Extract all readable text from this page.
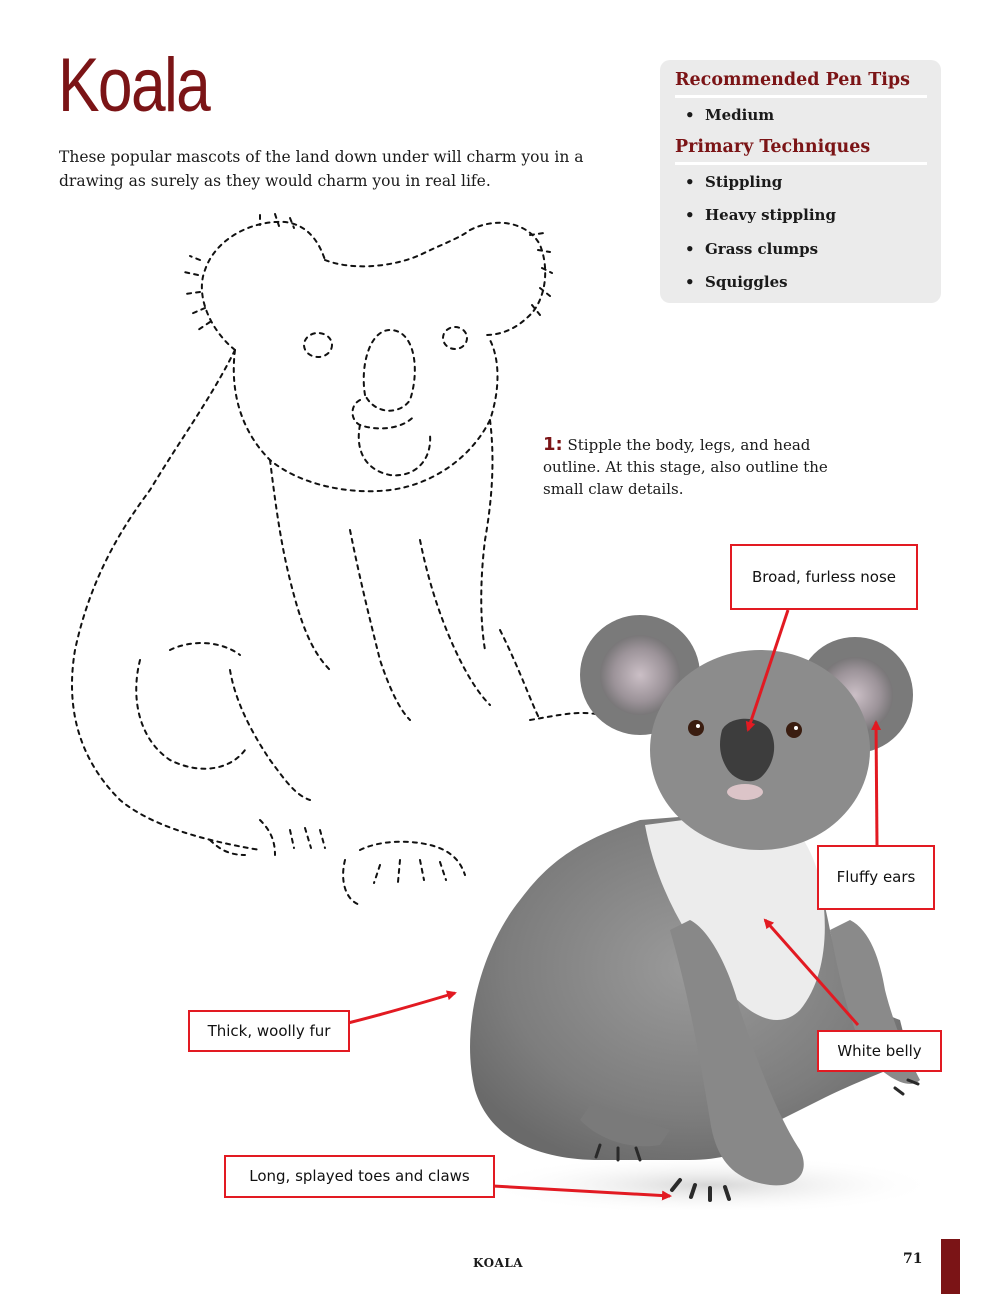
Koala
These popular mascots of the land down under will charm you in a drawing as surely as they would charm you in real life.
Recommended Pen Tips
• Medium
Primary Techniques
• Stippling
• Heavy stippling
• Grass clumps
• Squiggles
1: Stipple the body, legs, and head outline. At this stage, also outline the small claw details.
Broad, furless nose
Fluffy ears
Thick, woolly fur
White belly
Long, splayed toes and claws
KOALA	71
